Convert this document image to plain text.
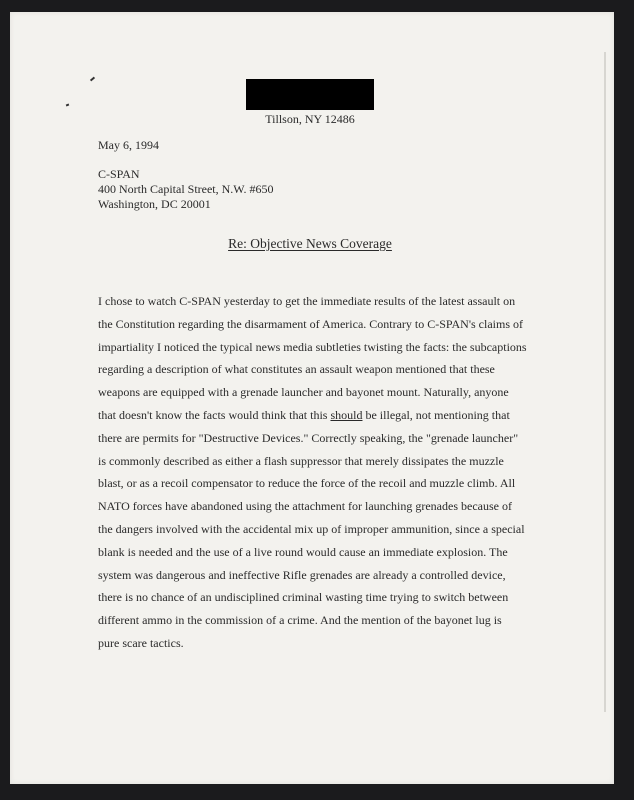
Tillson, NY 12486
May 6, 1994
C-SPAN
400 North Capital Street, N.W. #650
Washington, DC 20001
Re: Objective News Coverage
I chose to watch C-SPAN yesterday to get the immediate results of the latest assault on
the Constitution regarding the disarmament of America. Contrary to C-SPAN's claims of
impartiality I noticed the typical news media subtleties twisting the facts: the subcaptions
regarding a description of what constitutes an assault weapon mentioned that these
weapons are equipped with a grenade launcher and bayonet mount. Naturally, anyone
that doesn't know the facts would think that this should be illegal, not mentioning that
there are permits for "Destructive Devices." Correctly speaking, the "grenade launcher"
is commonly described as either a flash suppressor that merely dissipates the muzzle
blast, or as a recoil compensator to reduce the force of the recoil and muzzle climb. All
NATO forces have abandoned using the attachment for launching grenades because of
the dangers involved with the accidental mix up of improper ammunition, since a special
blank is needed and the use of a live round would cause an immediate explosion. The
system was dangerous and ineffective Rifle grenades are already a controlled device,
there is no chance of an undisciplined criminal wasting time trying to switch between
different ammo in the commission of a crime. And the mention of the bayonet lug is
pure scare tactics.
